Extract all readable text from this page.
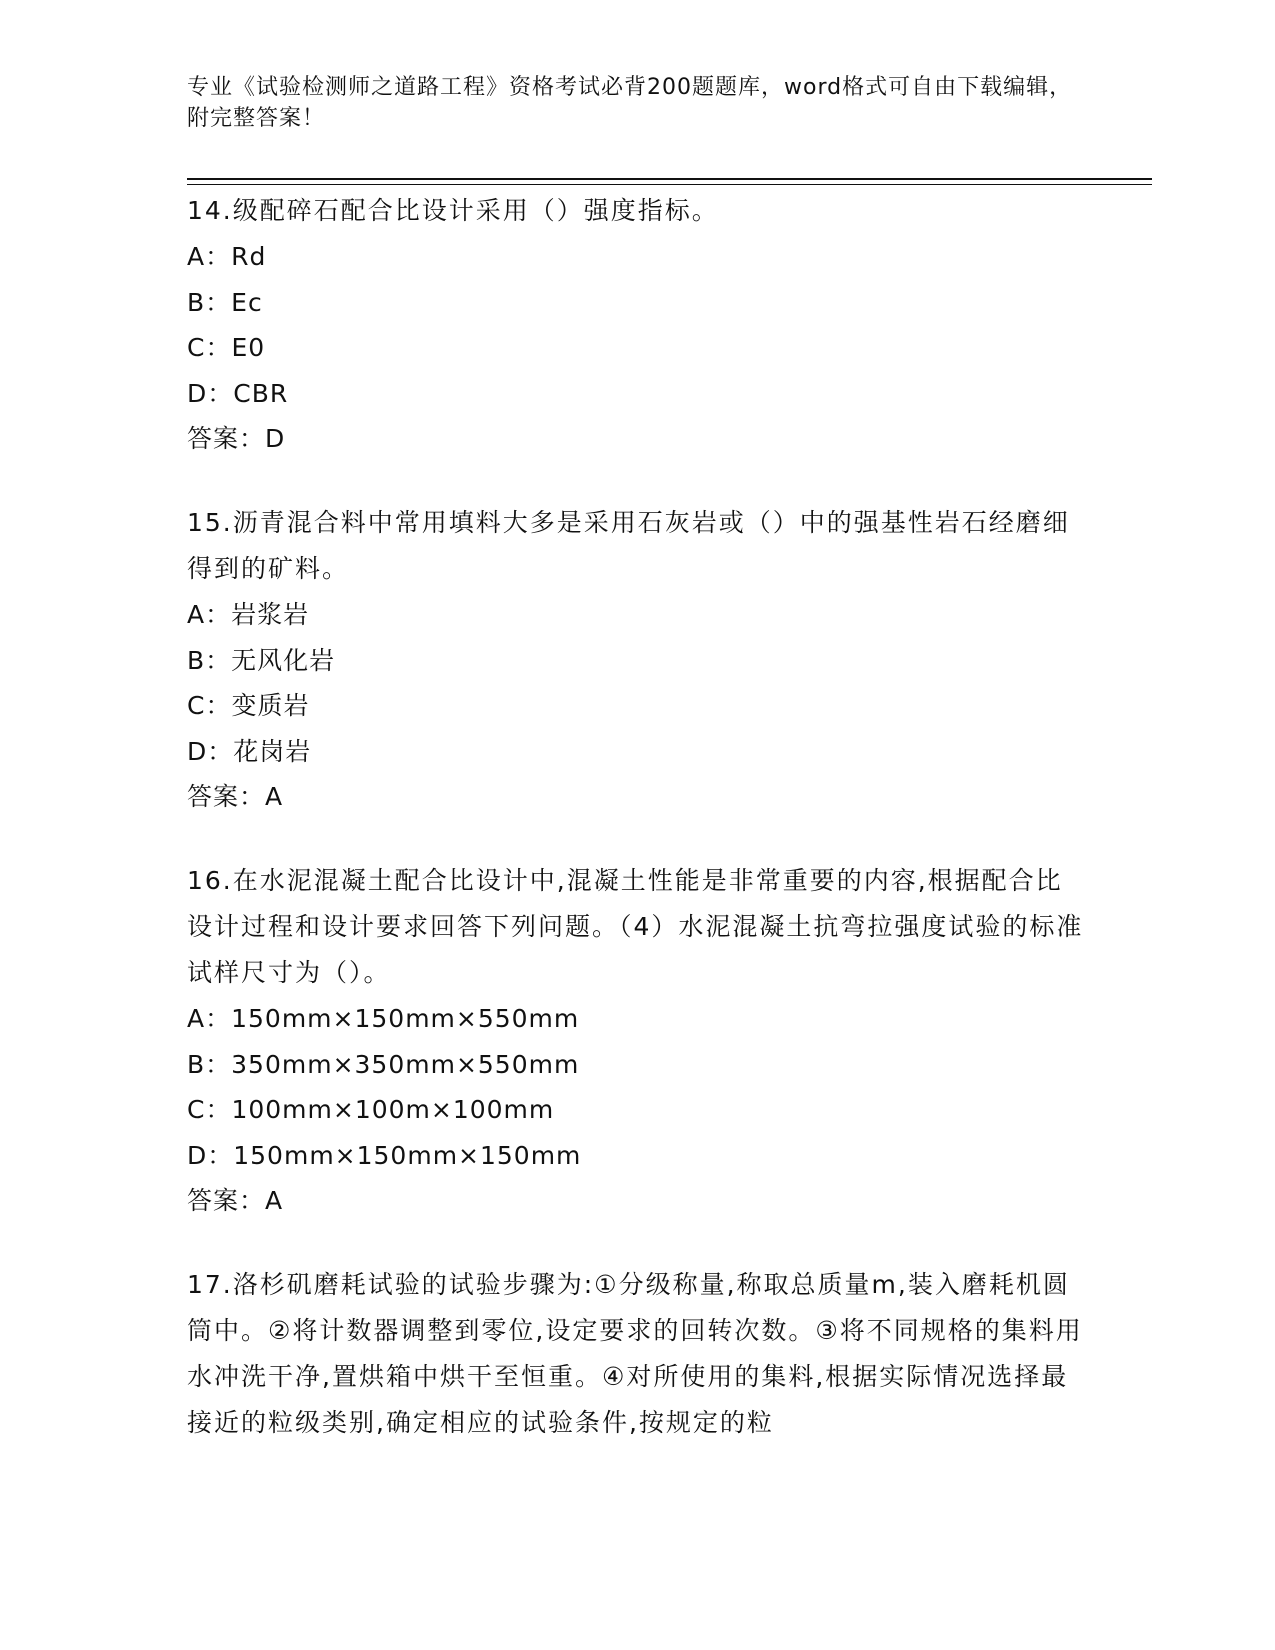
专业《试验检测师之道路工程》资格考试必背200题题库，word格式可自由下载编辑，附完整答案！

14.级配碎石配合比设计采用（）强度指标。

A：Rd

B：Ec

C：E0

D：CBR

答案：D

15.沥青混合料中常用填料大多是采用石灰岩或（）中的强基性岩石经磨细得到的矿料。

A：岩浆岩

B：无风化岩

C：变质岩

D：花岗岩

答案：A

16.在水泥混凝土配合比设计中,混凝土性能是非常重要的内容,根据配合比设计过程和设计要求回答下列问题。（4）水泥混凝土抗弯拉强度试验的标准试样尺寸为（）。

A：150mm×150mm×550mm

B：350mm×350mm×550mm

C：100mm×100m×100mm

D：150mm×150mm×150mm

答案：A

17.洛杉矶磨耗试验的试验步骤为:①分级称量,称取总质量m,装入磨耗机圆筒中。②将计数器调整到零位,设定要求的回转次数。③将不同规格的集料用水冲洗干净,置烘箱中烘干至恒重。④对所使用的集料,根据实际情况选择最接近的粒级类别,确定相应的试验条件,按规定的粒
